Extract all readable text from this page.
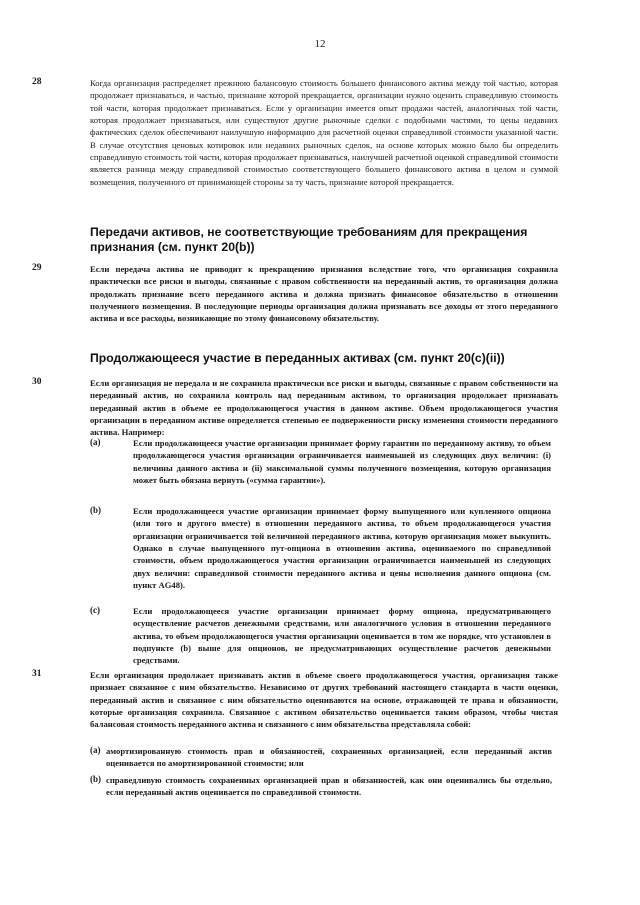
12
28	Когда организация распределяет прежнюю балансовую стоимость большего финансового актива между той частью, которая продолжает признаваться, и частью, признание которой прекращается, организации нужно оценить справедливую стоимость той части, которая продолжает признаваться. Если у организации имеется опыт продажи частей, аналогичных той части, которая продолжает признаваться, или существуют другие рыночные сделки с подобными частями, то цены недавних фактических сделок обеспечивают наилучшую информацию для расчетной оценки справедливой стоимости указанной части. В случае отсутствия ценовых котировок или недавних рыночных сделок, на основе которых можно было бы определить справедливую стоимость той части, которая продолжает признаваться, наилучшей расчетной оценкой справедливой стоимости является разница между справедливой стоимостью соответствующего большего финансового актива в целом и суммой возмещения, полученного от принимающей стороны за ту часть, признание которой прекращается.
Передачи активов, не соответствующие требованиям для прекращения признания (см. пункт 20(b))
29	Если передача актива не приводит к прекращению признания вследствие того, что организация сохранила практически все риски и выгоды, связанные с правом собственности на переданный актив, то организация должна продолжать признание всего переданного актива и должна признать финансовое обязательство в отношении полученного возмещения. В последующие периоды организация должна признавать все доходы от этого переданного актива и все расходы, возникающие по этому финансовому обязательству.
Продолжающееся участие в переданных активах (см. пункт 20(c)(ii))
30	Если организация не передала и не сохранила практически все риски и выгоды, связанные с правом собственности на переданный актив, но сохранила контроль над переданным активом, то организация продолжает признавать переданный актив в объеме ее продолжающегося участия в данном активе. Объем продолжающегося участия организации в переданном активе определяется степенью ее подверженности риску изменения стоимости переданного актива. Например:
(a)	Если продолжающееся участие организации принимает форму гарантии по переданному активу, то объем продолжающегося участия организации ограничивается наименьшей из следующих двух величин: (i) величины данного актива и (ii) максимальной суммы полученного возмещения, которую организация может быть обязана вернуть («сумма гарантии»).
(b)	Если продолжающееся участие организации принимает форму выпущенного или купленного опциона (или того и другого вместе) в отношении переданного актива, то объем продолжающегося участия организации ограничивается той величиной переданного актива, которую организация может выкупить. Однако в случае выпущенного пут-опциона в отношении актива, оцениваемого по справедливой стоимости, объем продолжающегося участия организации ограничивается наименьшей из следующих двух величин: справедливой стоимости переданного актива и цены исполнения данного опциона (см. пункт AG48).
(c)	Если продолжающееся участие организации принимает форму опциона, предусматривающего осуществление расчетов денежными средствами, или аналогичного условия в отношении переданного актива, то объем продолжающегося участия организации оценивается в том же порядке, что установлен в подпункте (b) выше для опционов, не предусматривающих осуществление расчетов денежными средствами.
31	Если организация продолжает признавать актив в объеме своего продолжающегося участия, организация также признает связанное с ним обязательство. Независимо от других требований настоящего стандарта в части оценки, переданный актив и связанное с ним обязательство оцениваются на основе, отражающей те права и обязанности, которые организация сохранила. Связанное с активом обязательство оценивается таким образом, чтобы чистая балансовая стоимость переданного актива и связанного с ним обязательства представляла собой:
(a) амортизированную стоимость прав и обязанностей, сохраненных организацией, если переданный актив оценивается по амортизированной стоимости; или
(b) справедливую стоимость сохраненных организацией прав и обязанностей, как они оценивались бы отдельно, если переданный актив оценивается по справедливой стоимости.
